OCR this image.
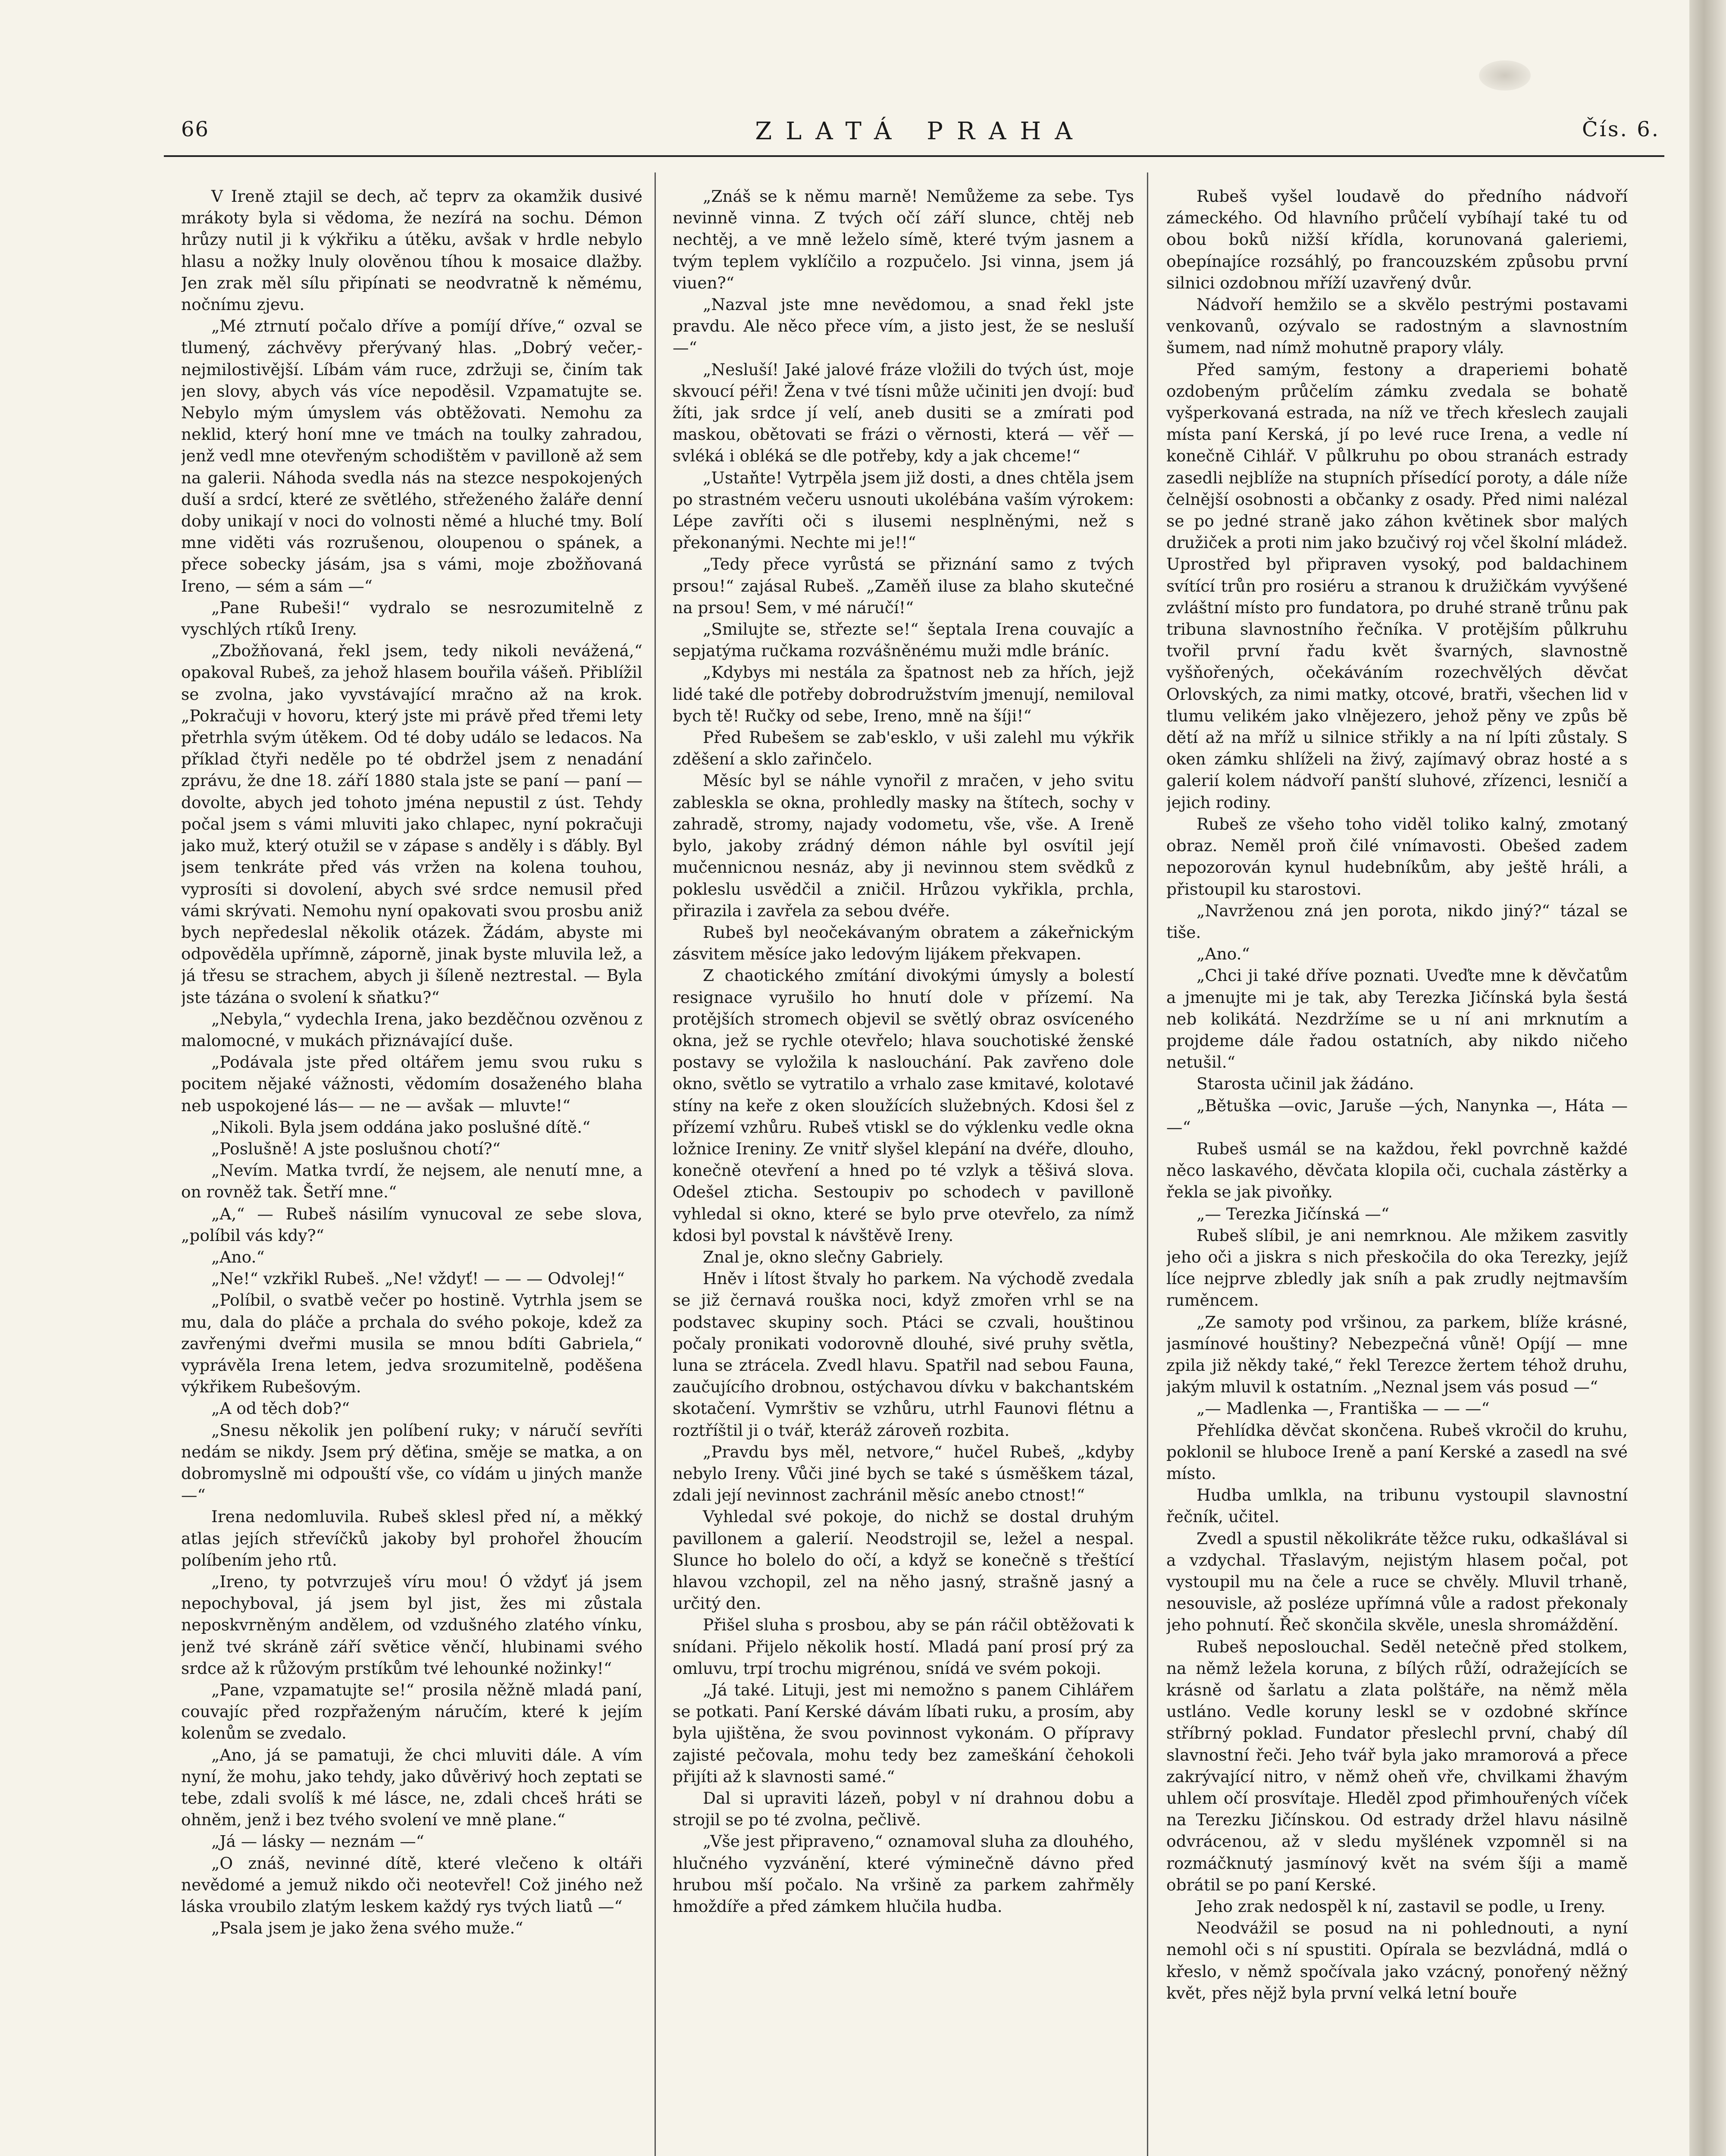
66	ZLATÁ PRAHA	Čís. 6.

V Ireně ztajil se dech, ač teprv za okamžik dusivé mrákoty byla si vědoma, že nezírá na sochu. Démon hrůzy nutil ji k výkřiku a útěku, avšak v hrdle nebylo hlasu a nožky lnuly olověnou tíhou k mosaice dlažby. Jen zrak měl sílu připínati se neodvratně k němému, nočnímu zjevu.

„Mé ztrnutí počalo dříve a pomíjí dříve,“ ozval se tlumený, záchvěvy přerývaný hlas. „Dobrý večer,-nejmilostivější. Líbám vám ruce, zdržuji se, činím tak jen slovy, abych vás více nepoděsil. Vzpamatujte se. Nebylo mým úmyslem vás obtěžovati. Nemohu za neklid, který honí mne ve tmách na toulky zahradou, jenž vedl mne otevřeným schodištěm v pavilloně až sem na galerii. Náhoda svedla nás na stezce nespokojených duší a srdcí, které ze světlého, střeženého žaláře denní doby unikají v noci do volnosti němé a hluché tmy. Bolí mne viděti vás rozrušenou, oloupenou o spánek, a přece sobecky jásám, jsa s vámi, moje zbožňovaná Ireno, — sém a sám —“

„Pane Rubeši!“ vydralo se nesrozumitelně z vyschlých rtíků Ireny.

„Zbožňovaná, řekl jsem, tedy nikoli nevážená,“ opakoval Rubeš, za jehož hlasem bouřila vášeň. Přiblížil se zvolna, jako vyvstávající mračno až na krok. „Pokračuji v hovoru, který jste mi právě před třemi lety přetrhla svým útěkem. Od té doby událo se ledacos. Na příklad čtyři neděle po té obdržel jsem z nenadání zprávu, že dne 18. září 1880 stala jste se paní — paní — dovolte, abych jed tohoto jména nepustil z úst. Tehdy počal jsem s vámi mluviti jako chlapec, nyní pokračuji jako muž, který otužil se v zápase s anděly i s ďábly. Byl jsem tenkráte před vás vržen na kolena touhou, vyprosíti si dovolení, abych své srdce nemusil před vámi skrývati. Nemohu nyní opakovati svou prosbu aniž bych nepředeslal několik otázek. Žádám, abyste mi odpověděla upřímně, záporně, jinak byste mluvila lež, a já třesu se strachem, abych ji šíleně neztrestal. — Byla jste tázána o svolení k sňatku?“

„Nebyla,“ vydechla Irena, jako bezděčnou ozvěnou z malomocné, v mukách přiznávající duše.

„Podávala jste před oltářem jemu svou ruku s pocitem nějaké vážnosti, vědomím dosaženého blaha neb uspokojené lás— — ne — avšak — mluvte!“

„Nikoli. Byla jsem oddána jako poslušné dítě.“

„Poslušně! A jste poslušnou chotí?“

„Nevím. Matka tvrdí, že nejsem, ale nenutí mne, a on rovněž tak. Šetří mne.“

„A,“ — Rubeš násilím vynucoval ze sebe slova, „políbil vás kdy?“

„Ano.“

„Ne!“ vzkřikl Rubeš. „Ne! vždyť! — — — Odvolej!“

„Políbil, o svatbě večer po hostině. Vytrhla jsem se mu, dala do pláče a prchala do svého pokoje, kdež za zavřenými dveřmi musila se mnou bdíti Gabriela,“ vyprávěla Irena letem, jedva srozumitelně, poděšena výkřikem Rubešovým.

„A od těch dob?“

„Snesu několik jen políbení ruky; v náručí sevříti nedám se nikdy. Jsem prý děťina, směje se matka, a on dobromyslně mi odpouští vše, co vídám u jiných manže —“

Irena nedomluvila. Rubeš sklesl před ní, a měkký atlas jejích střevíčků jakoby byl prohořel žhoucím políbením jeho rtů.

„Ireno, ty potvrzuješ víru mou! Ó vždyť já jsem nepochyboval, já jsem byl jist, žes mi zůstala neposkvrněným andělem, od vzdušného zlatého vínku, jenž tvé skráně září světice věnčí, hlubinami svého srdce až k růžovým prstíkům tvé lehounké nožinky!“

„Pane, vzpamatujte se!“ prosila něžně mladá paní, couvajíc před rozpřaženým náručím, které k jejím kolenům se zvedalo.

„Ano, já se pamatuji, že chci mluviti dále. A vím nyní, že mohu, jako tehdy, jako důvěrivý hoch zeptati se tebe, zdali svolíš k mé lásce, ne, zdali chceš hráti se ohněm, jenž i bez tvého svolení ve mně plane.“

„Já — lásky — neznám —“

„O znáš, nevinné dítě, které vlečeno k oltáři nevědomé a jemuž nikdo oči neotevřel! Což jiného než láska vroubilo zlatým leskem každý rys tvých liatů —“

„Psala jsem je jako žena svého muže.“

„Znáš se k němu marně! Nemůžeme za sebe. Tys nevinně vinna. Z tvých očí září slunce, chtěj neb nechtěj, a ve mně leželo símě, které tvým jasnem a tvým teplem vyklíčilo a rozpučelo. Jsi vinna, jsem já viuen?“

„Nazval jste mne nevědomou, a snad řekl jste pravdu. Ale něco přece vím, a jisto jest, že se nesluší —“

„Nesluší! Jaké jalové fráze vložili do tvých úst, moje skvoucí péři! Žena v tvé tísni může učiniti jen dvojí: buď žíti, jak srdce jí velí, aneb dusiti se a zmírati pod maskou, obětovati se frázi o věrnosti, která — věř — svléká i obléká se dle potřeby, kdy a jak chceme!“

„Ustaňte! Vytrpěla jsem již dosti, a dnes chtěla jsem po strastném večeru usnouti ukolébána vaším výrokem: Lépe zavříti oči s ilusemi nesplněnými, než s překonanými. Nechte mi je!!“

„Tedy přece vyrůstá se přiznání samo z tvých prsou!“ zajásal Rubeš. „Zaměň iluse za blaho skutečné na prsou! Sem, v mé náručí!“

„Smilujte se, střezte se!“ šeptala Irena couvajíc a sepjatýma ručkama rozvášněnému muži mdle bráníc.

„Kdybys mi nestála za špatnost neb za hřích, jejž lidé také dle potřeby dobrodružstvím jmenují, nemiloval bych tě! Ručky od sebe, Ireno, mně na šíji!“

Před Rubešem se zab'esklo, v uši zalehl mu výkřik zděšení a sklo zařinčelo.

Měsíc byl se náhle vynořil z mračen, v jeho svitu zableskla se okna, prohledly masky na štítech, sochy v zahradě, stromy, najady vodometu, vše, vše. A Ireně bylo, jakoby zrádný démon náhle byl osvítil její mučennicnou nesnáz, aby ji nevinnou stem svědků z pokleslu usvědčil a zničil. Hrůzou vykřikla, prchla, přirazila i zavřela za sebou dvéře.

Rubeš byl neočekávaným obratem a zákeřnickým zásvitem měsíce jako ledovým lijákem překvapen.

Z chaotického zmítání divokými úmysly a bolestí resignace vyrušilo ho hnutí dole v přízemí. Na protějších stromech objevil se světlý obraz osvíceného okna, jež se rychle otevřelo; hlava souchotiské ženské postavy se vyložila k naslouchání. Pak zavřeno dole okno, světlo se vytratilo a vrhalo zase kmitavé, kolotavé stíny na keře z oken sloužících služebných. Kdosi šel z přízemí vzhůru. Rubeš vtiskl se do výklenku vedle okna ložnice Ireniny. Ze vnitř slyšel klepání na dvéře, dlouho, konečně otevření a hned po té vzlyk a těšivá slova. Odešel zticha. Sestoupiv po schodech v pavilloně vyhledal si okno, které se bylo prve otevřelo, za nímž kdosi byl povstal k návštěvě Ireny.

Znal je, okno slečny Gabriely.

Hněv i lítost štvaly ho parkem. Na východě zvedala se již černavá rouška noci, když zmořen vrhl se na podstavec skupiny soch. Ptáci se czvali, houštinou počaly pronikati vodorovně dlouhé, sivé pruhy světla, luna se ztrácela. Zvedl hlavu. Spatřil nad sebou Fauna, zaučujícího drobnou, ostýchavou dívku v bakchantském skotačení. Vymrštiv se vzhůru, utrhl Faunovi flétnu a roztříštil ji o tvář, kteráž zároveň rozbita.

„Pravdu bys měl, netvore,“ hučel Rubeš, „kdyby nebylo Ireny. Vůči jiné bych se také s úsměškem tázal, zdali její nevinnost zachránil měsíc anebo ctnost!“

Vyhledal své pokoje, do nichž se dostal druhým pavillonem a galerií. Neodstrojil se, ležel a nespal. Slunce ho bolelo do očí, a když se konečně s třeštící hlavou vzchopil, zel na něho jasný, strašně jasný a určitý den.

Přišel sluha s prosbou, aby se pán ráčil obtěžovati k snídani. Přijelo několik hostí. Mladá paní prosí prý za omluvu, trpí trochu migrénou, snídá ve svém pokoji.

„Já také. Lituji, jest mi nemožno s panem Cihlářem se potkati. Paní Kerské dávám líbati ruku, a prosím, aby byla ujištěna, že svou povinnost vykonám. O přípravy zajisté pečovala, mohu tedy bez zameškání čehokoli přijíti až k slavnosti samé.“

Dal si upraviti lázeň, pobyl v ní drahnou dobu a strojil se po té zvolna, pečlivě.

„Vše jest připraveno,“ oznamoval sluha za dlouhého, hlučného vyzvánění, které výminečně dávno před hrubou mší počalo. Na vršině za parkem zahřměly hmoždíře a před zámkem hlučila hudba.

Rubeš vyšel loudavě do předního nádvoří zámeckého. Od hlavního průčelí vybíhají také tu od obou boků nižší křídla, korunovaná galeriemi, obepínajíce rozsáhlý, po francouzském způsobu první silnici ozdobnou mříží uzavřený dvůr.

Nádvoří hemžilo se a skvělo pestrými postavami venkovanů, ozývalo se radostným a slavnostním šumem, nad nímž mohutně prapory vlály.

Před samým, festony a draperiemi bohatě ozdobeným průčelím zámku zvedala se bohatě vyšperkovaná estrada, na níž ve třech křeslech zaujali místa paní Kerská, jí po levé ruce Irena, a vedle ní konečně Cihlář. V půlkruhu po obou stranách estrady zasedli nejblíže na stupních přísedící poroty, a dále níže čelnější osobnosti a občanky z osady. Před nimi nalézal se po jedné straně jako záhon květinek sbor malých družiček a proti nim jako bzučivý roj včel školní mládež. Uprostřed byl připraven vysoký, pod baldachinem svítící trůn pro rosiéru a stranou k družičkám vyvýšené zvláštní místo pro fundatora, po druhé straně trůnu pak tribuna slavnostního řečníka. V protějším půlkruhu tvořil první řadu květ švarných, slavnostně vyšňořených, očekáváním rozechvělých děvčat Orlovských, za nimi matky, otcové, bratři, všechen lid v tlumu velikém jako vlnějezero, jehož pěny ve způs bě dětí až na mříž u silnice střikly a na ní lpíti zůstaly. S oken zámku shlíželi na živý, zajímavý obraz hosté a s galerií kolem nádvoří panští sluhové, zřízenci, lesničí a jejich rodiny.

Rubeš ze všeho toho viděl toliko kalný, zmotaný obraz. Neměl proň čilé vnímavosti. Obešed zadem nepozorován kynul hudebníkům, aby ještě hráli, a přistoupil ku starostovi.

„Navrženou zná jen porota, nikdo jiný?“ tázal se tiše.

„Ano.“

„Chci ji také dříve poznati. Uveďte mne k děvčatům a jmenujte mi je tak, aby Terezka Jičínská byla šestá neb kolikátá. Nezdržíme se u ní ani mrknutím a projdeme dále řadou ostatních, aby nikdo ničeho netušil.“

Starosta učinil jak žádáno.

„Bětuška —ovic, Jaruše —ých, Nanynka —, Háta — —“

Rubeš usmál se na každou, řekl povrchně každé něco laskavého, děvčata klopila oči, cuchala zástěrky a řekla se jak pivoňky.

„— Terezka Jičínská —“

Rubeš slíbil, je ani nemrknou. Ale mžikem zasvitly jeho oči a jiskra s nich přeskočila do oka Terezky, jejíž líce nejprve zbledly jak sníh a pak zrudly nejtmavším ruměncem.

„Ze samoty pod vršinou, za parkem, blíže krásné, jasmínové houštiny? Nebezpečná vůně! Opíjí — mne zpila již někdy také,“ řekl Terezce žertem téhož druhu, jakým mluvil k ostatním. „Neznal jsem vás posud —“

„— Madlenka —, Františka — — —“

Přehlídka děvčat skončena. Rubeš vkročil do kruhu, poklonil se hluboce Ireně a paní Kerské a zasedl na své místo.

Hudba umlkla, na tribunu vystoupil slavnostní řečník, učitel.

Zvedl a spustil několikráte těžce ruku, odkašlával si a vzdychal. Třaslavým, nejistým hlasem počal, pot vystoupil mu na čele a ruce se chvěly. Mluvil trhaně, nesouvisle, až posléze upřímná vůle a radost překonaly jeho pohnutí. Řeč skončila skvěle, unesla shromáždění.

Rubeš neposlouchal. Seděl netečně před stolkem, na němž ležela koruna, z bílých růží, odražejících se krásně od šarlatu a zlata polštáře, na němž měla ustláno. Vedle koruny leskl se v ozdobné skřínce stříbrný poklad. Fundator přeslechl první, chabý díl slavnostní řeči. Jeho tvář byla jako mramorová a přece zakrývající nitro, v němž oheň vře, chvilkami žhavým uhlem očí prosvítaje. Hleděl zpod přimhouřených víček na Terezku Jičínskou. Od estrady držel hlavu násilně odvrácenou, až v sledu myšlének vzpomněl si na rozmáčknutý jasmínový květ na svém šíji a mamě obrátil se po paní Kerské.

Jeho zrak nedospěl k ní, zastavil se podle, u Ireny.

Neodvážil se posud na ni pohlednouti, a nyní nemohl oči s ní spustiti. Opírala se bezvládná, mdlá o křeslo, v němž spočívala jako vzácný, ponořený něžný květ, přes nějž byla první velká letní bouře
